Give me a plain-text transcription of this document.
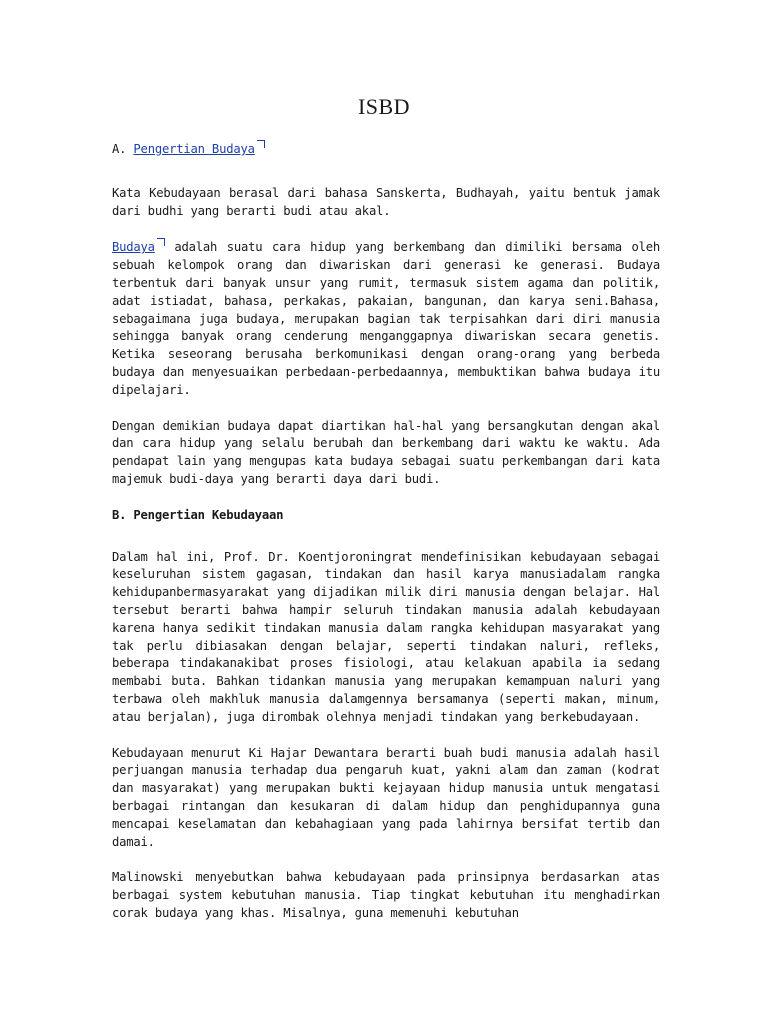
ISBD
A. Pengertian Budaya

Kata Kebudayaan berasal dari bahasa Sanskerta, Budhayah, yaitu bentuk jamak dari budhi yang berarti budi atau akal.

Budaya adalah suatu cara hidup yang berkembang dan dimiliki bersama oleh sebuah kelompok orang dan diwariskan dari generasi ke generasi. Budaya terbentuk dari banyak unsur yang rumit, termasuk sistem agama dan politik, adat istiadat, bahasa, perkakas, pakaian, bangunan, dan karya seni.Bahasa, sebagaimana juga budaya, merupakan bagian tak terpisahkan dari diri manusia sehingga banyak orang cenderung menganggapnya diwariskan secara genetis. Ketika seseorang berusaha berkomunikasi dengan orang-orang yang berbeda budaya dan menyesuaikan perbedaan-perbedaannya, membuktikan bahwa budaya itu dipelajari.

Dengan demikian budaya dapat diartikan hal-hal yang bersangkutan dengan akal dan cara hidup yang selalu berubah dan berkembang dari waktu ke waktu. Ada pendapat lain yang mengupas kata budaya sebagai suatu perkembangan dari kata majemuk budi-daya yang berarti daya dari budi.

B. Pengertian Kebudayaan

Dalam hal ini, Prof. Dr. Koentjoroningrat mendefinisikan kebudayaan sebagai keseluruhan sistem gagasan, tindakan dan hasil karya manusiadalam rangka kehidupanbermasyarakat yang dijadikan milik diri manusia dengan belajar. Hal tersebut berarti bahwa hampir seluruh tindakan manusia adalah kebudayaan karena hanya sedikit tindakan manusia dalam rangka kehidupan masyarakat yang tak perlu dibiasakan dengan belajar, seperti tindakan naluri, refleks, beberapa tindakanakibat proses fisiologi, atau kelakuan apabila ia sedang membabi buta. Bahkan tidankan manusia yang merupakan kemampuan naluri yang terbawa oleh makhluk manusia dalamgennya bersamanya (seperti makan, minum, atau berjalan), juga dirombak olehnya menjadi tindakan yang berkebudayaan.

Kebudayaan menurut Ki Hajar Dewantara berarti buah budi manusia adalah hasil perjuangan manusia terhadap dua pengaruh kuat, yakni alam dan zaman (kodrat dan masyarakat) yang merupakan bukti kejayaan hidup manusia untuk mengatasi berbagai rintangan dan kesukaran di dalam hidup dan penghidupannya guna mencapai keselamatan dan kebahagiaan yang pada lahirnya bersifat tertib dan damai.

Malinowski menyebutkan bahwa kebudayaan pada prinsipnya berdasarkan atas berbagai system kebutuhan manusia. Tiap tingkat kebutuhan itu menghadirkan corak budaya yang khas. Misalnya, guna memenuhi kebutuhan
